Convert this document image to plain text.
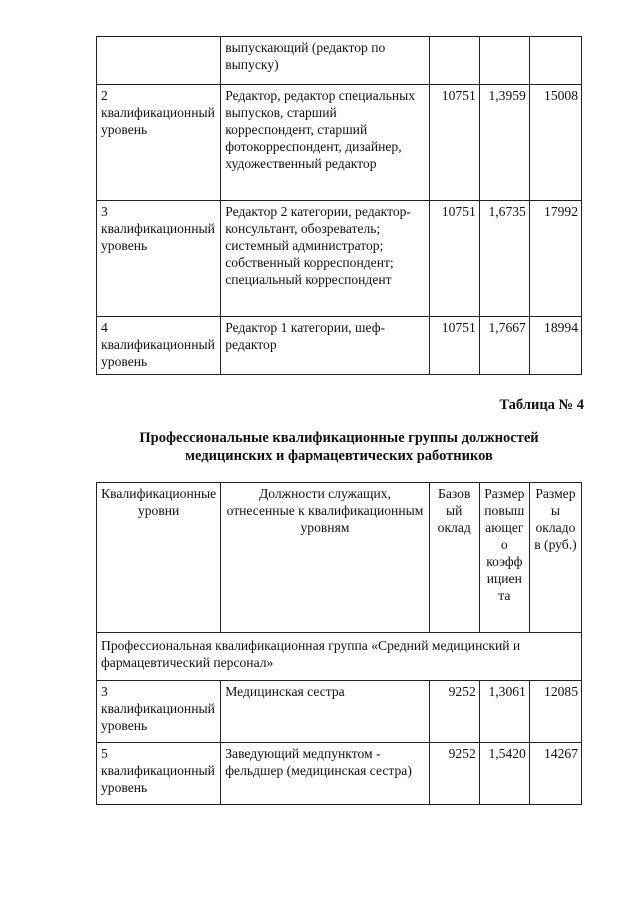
	выпускающий (редактор по выпуску)			
2 квалификационный уровень	Редактор, редактор специальных выпусков, старший корреспондент, старший фотокорреспондент, дизайнер, художественный редактор	10751	1,3959	15008
3 квалификационный уровень	Редактор 2 категории, редактор-консультант, обозреватель; системный администратор; собственный корреспондент; специальный корреспондент	10751	1,6735	17992
4 квалификационный уровень	Редактор 1 категории, шеф-редактор	10751	1,7667	18994
Таблица № 4
Профессиональные квалификационные группы должностей
медицинских и фармацевтических работников
Квалификационные уровни	Должности служащих, отнесенные к квалификационным уровням	Базовый оклад	Размер повышающего коэффициента	Размеры окладов (руб.)
Профессиональная квалификационная группа «Средний медицинский и фармацевтический персонал»				
3 квалификационный уровень	Медицинская сестра	9252	1,3061	12085
5 квалификационный уровень	Заведующий медпунктом - фельдшер (медицинская сестра)	9252	1,5420	14267
